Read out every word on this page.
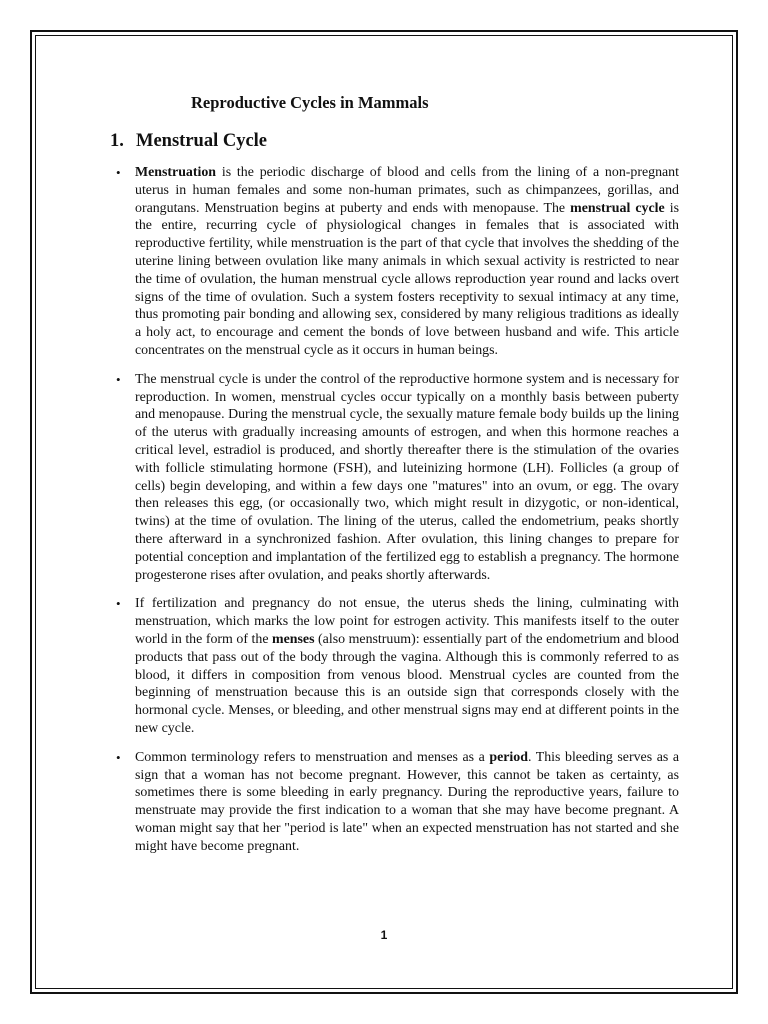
Reproductive Cycles in Mammals
1. Menstrual Cycle
• Menstruation is the periodic discharge of blood and cells from the lining of a non-pregnant uterus in human females and some non-human primates, such as chimpanzees, gorillas, and orangutans. Menstruation begins at puberty and ends with menopause. The menstrual cycle is the entire, recurring cycle of physiological changes in females that is associated with reproductive fertility, while menstruation is the part of that cycle that involves the shedding of the uterine lining between ovulation like many animals in which sexual activity is restricted to near the time of ovulation, the human menstrual cycle allows reproduction year round and lacks overt signs of the time of ovulation. Such a system fosters receptivity to sexual intimacy at any time, thus promoting pair bonding and allowing sex, considered by many religious traditions as ideally a holy act, to encourage and cement the bonds of love between husband and wife. This article concentrates on the menstrual cycle as it occurs in human beings.
• The menstrual cycle is under the control of the reproductive hormone system and is necessary for reproduction. In women, menstrual cycles occur typically on a monthly basis between puberty and menopause. During the menstrual cycle, the sexually mature female body builds up the lining of the uterus with gradually increasing amounts of estrogen, and when this hormone reaches a critical level, estradiol is produced, and shortly thereafter there is the stimulation of the ovaries with follicle stimulating hormone (FSH), and luteinizing hormone (LH). Follicles (a group of cells) begin developing, and within a few days one "matures" into an ovum, or egg. The ovary then releases this egg, (or occasionally two, which might result in dizygotic, or non-identical, twins) at the time of ovulation. The lining of the uterus, called the endometrium, peaks shortly there afterward in a synchronized fashion. After ovulation, this lining changes to prepare for potential conception and implantation of the fertilized egg to establish a pregnancy. The hormone progesterone rises after ovulation, and peaks shortly afterwards.
• If fertilization and pregnancy do not ensue, the uterus sheds the lining, culminating with menstruation, which marks the low point for estrogen activity. This manifests itself to the outer world in the form of the menses (also menstruum): essentially part of the endometrium and blood products that pass out of the body through the vagina. Although this is commonly referred to as blood, it differs in composition from venous blood. Menstrual cycles are counted from the beginning of menstruation because this is an outside sign that corresponds closely with the hormonal cycle. Menses, or bleeding, and other menstrual signs may end at different points in the new cycle.
• Common terminology refers to menstruation and menses as a period. This bleeding serves as a sign that a woman has not become pregnant. However, this cannot be taken as certainty, as sometimes there is some bleeding in early pregnancy. During the reproductive years, failure to menstruate may provide the first indication to a woman that she may have become pregnant. A woman might say that her "period is late" when an expected menstruation has not started and she might have become pregnant.
1
